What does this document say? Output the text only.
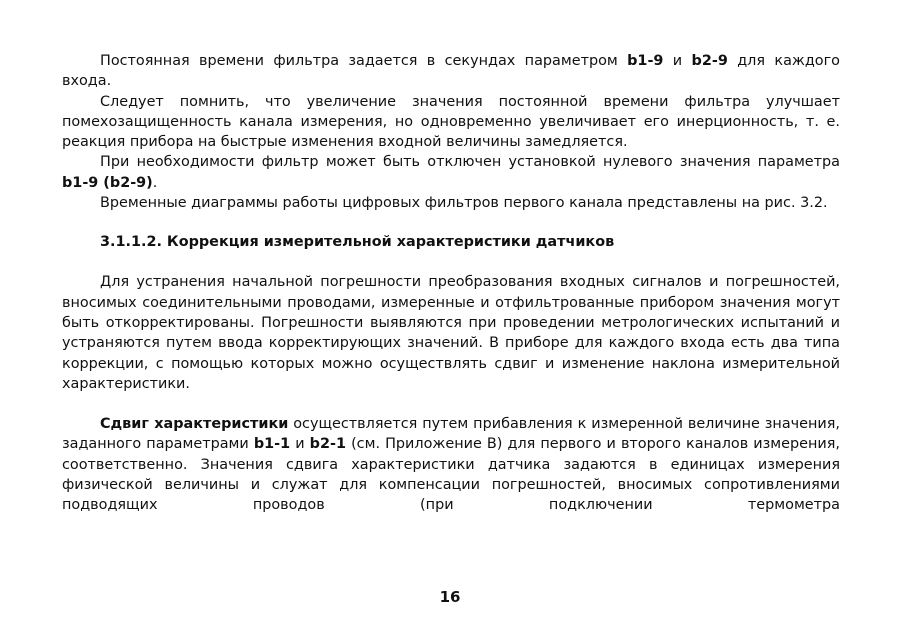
Постоянная времени фильтра задается в секундах параметром b1-9 и b2-9 для каждого входа.

Следует помнить, что увеличение значения постоянной времени фильтра улучшает помехозащищенность канала измерения, но одновременно увеличивает его инерционность, т. е. реакция прибора на быстрые изменения входной величины замедляется.

При необходимости фильтр может быть отключен установкой нулевого значения параметра b1-9 (b2-9).

Временные диаграммы работы цифровых фильтров первого канала представлены на рис. 3.2.

3.1.1.2. Коррекция измерительной характеристики датчиков

Для устранения начальной погрешности преобразования входных сигналов и погрешностей, вносимых соединительными проводами, измеренные и отфильтрованные прибором значения могут быть откорректированы. Погрешности выявляются при проведении метрологических испытаний и устраняются путем ввода корректирующих значений. В приборе для каждого входа есть два типа коррекции, с помощью которых можно осуществлять сдвиг и изменение наклона измерительной характеристики.

Сдвиг характеристики осуществляется путем прибавления к измеренной величине значения, заданного параметрами b1-1 и b2-1 (см. Приложение В) для первого и второго каналов измерения, соответственно. Значения сдвига характеристики датчика задаются в единицах измерения физической величины и служат для компенсации погрешностей, вносимых сопротивлениями подводящих проводов (при подключении термометра

16
